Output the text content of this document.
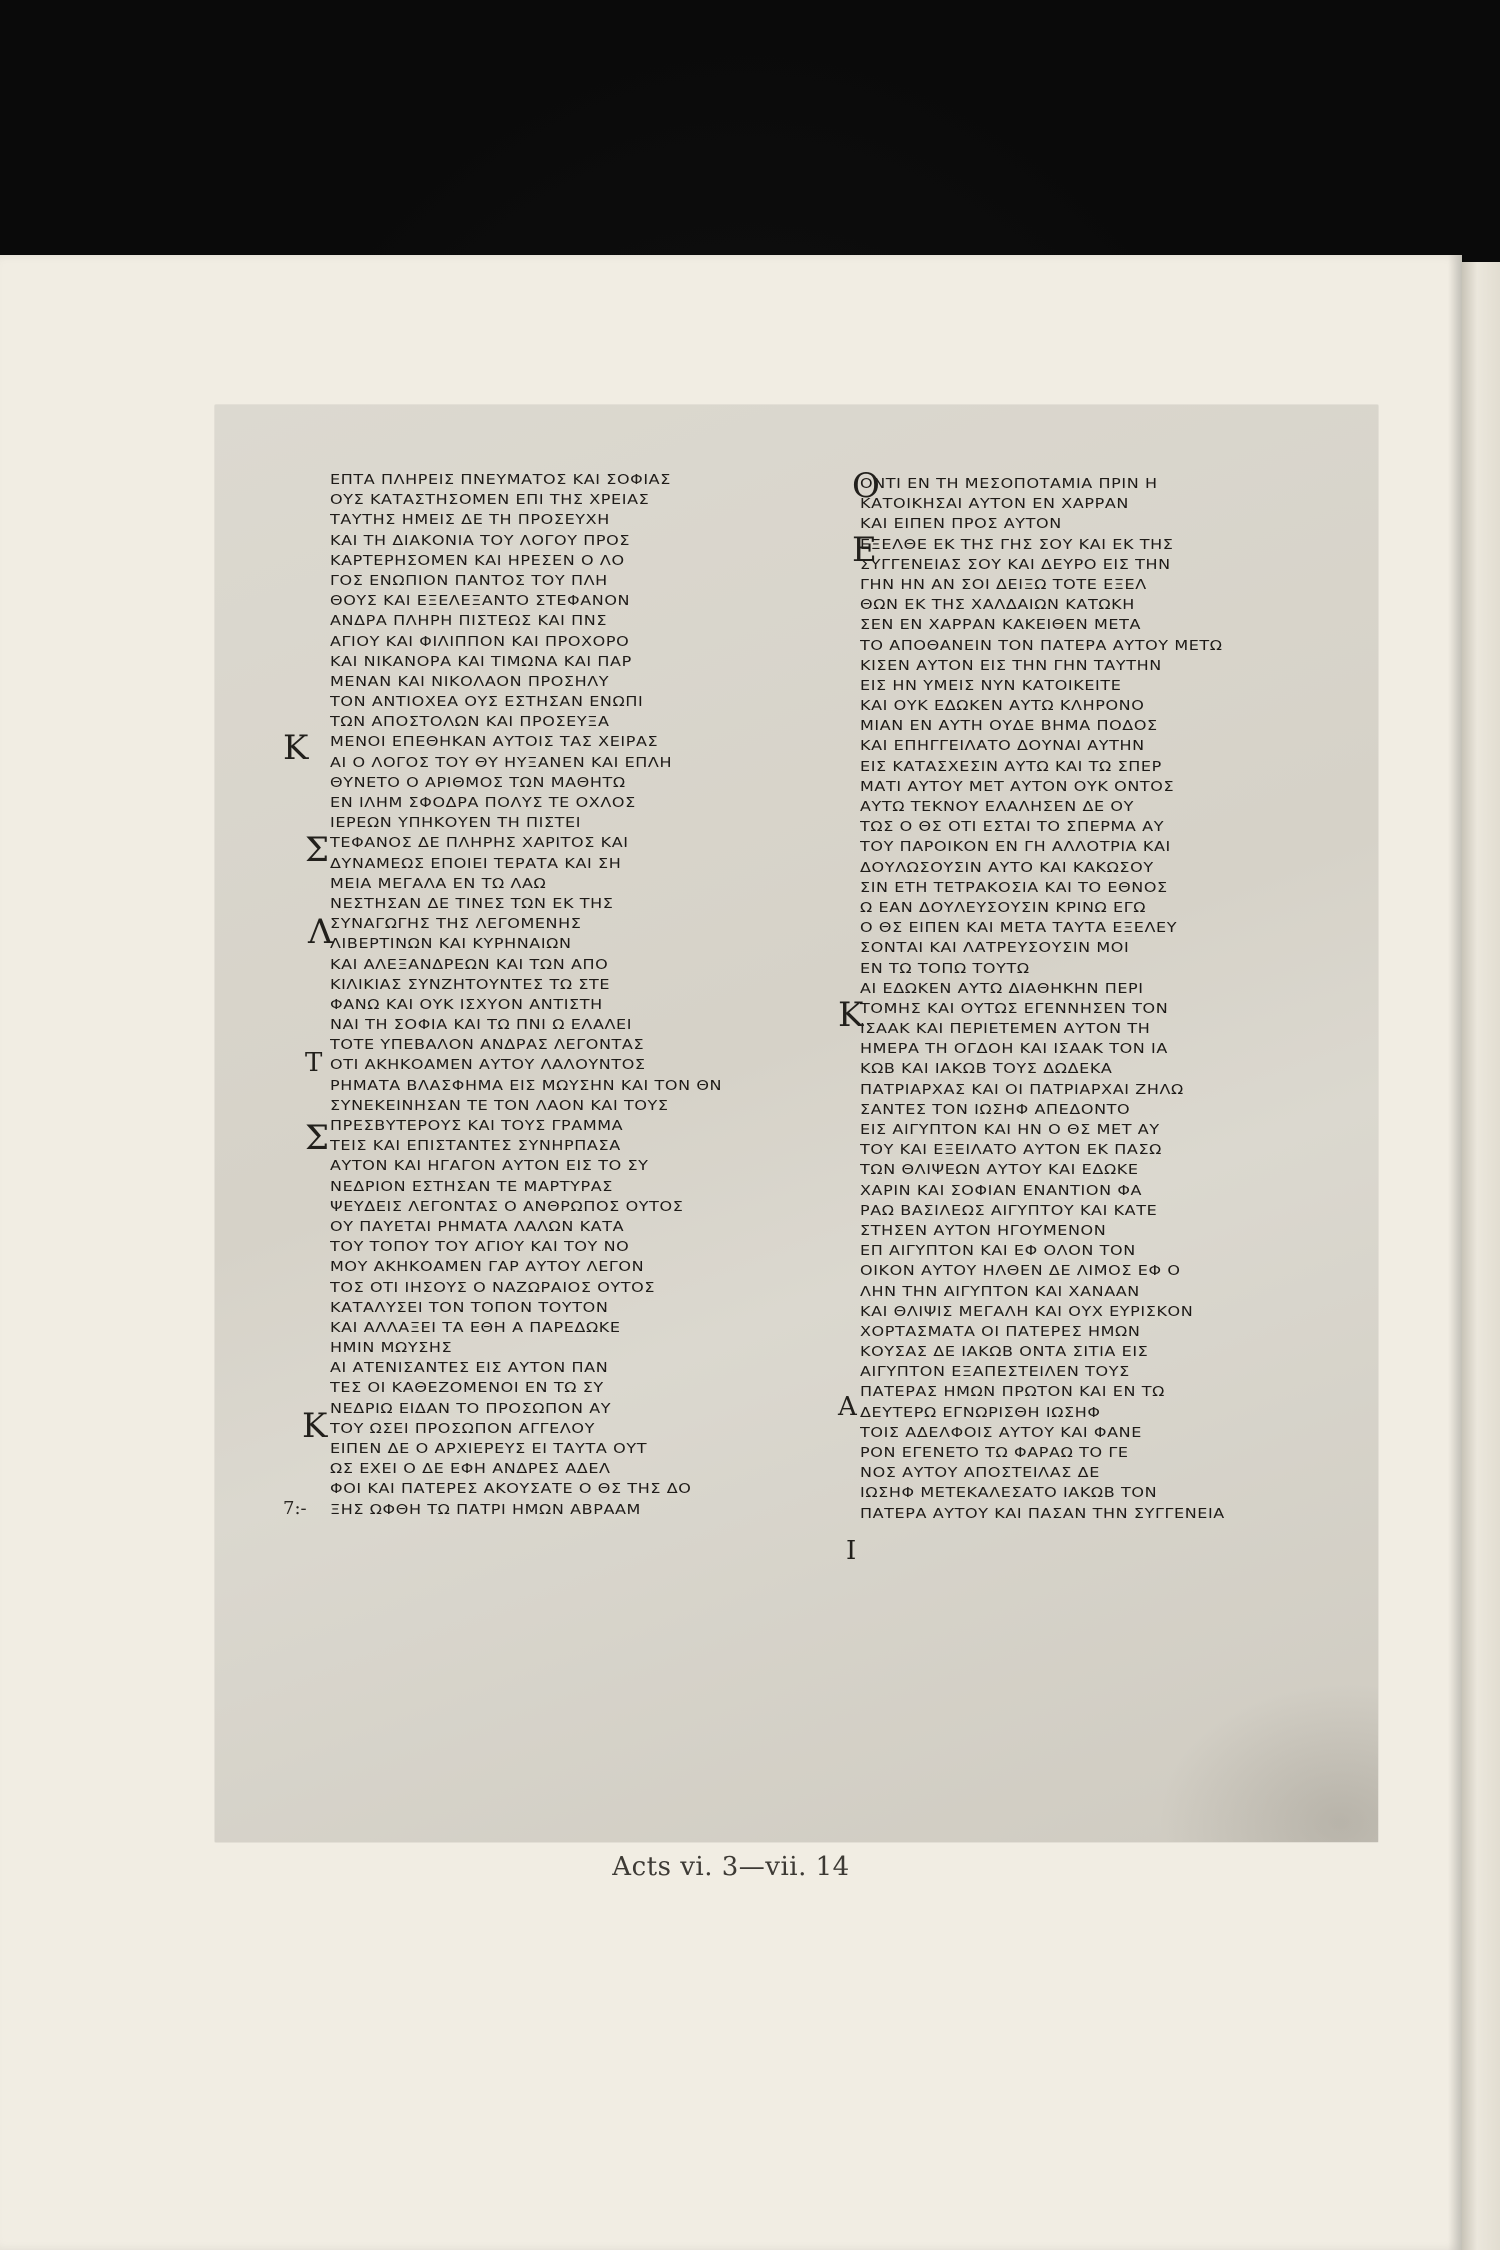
ΕΠΤΑ ΠΛΗΡΕΙΣ ΠΝΕΥΜΑΤΟΣ ΚΑΙ ΣΟΦΙΑΣ
ΟΥΣ ΚΑΤΑΣΤΗΣΟΜΕΝ ΕΠΙ ΤΗΣ ΧΡΕΙΑΣ
ΤΑΥΤΗΣ ΗΜΕΙΣ ΔΕ ΤΗ ΠΡΟΣΕΥΧΗ
ΚΑΙ ΤΗ ΔΙΑΚΟΝΙΑ ΤΟΥ ΛΟΓΟΥ ΠΡΟΣ
ΚΑΡΤΕΡΗΣΟΜΕΝ ΚΑΙ ΗΡΕΣΕΝ Ο ΛΟ
ΓΟΣ ΕΝΩΠΙΟΝ ΠΑΝΤΟΣ ΤΟΥ ΠΛΗ
ΘΟΥΣ ΚΑΙ ΕΞΕΛΕΞΑΝΤΟ ΣΤΕΦΑΝΟΝ
ΑΝΔΡΑ ΠΛΗΡΗ ΠΙΣΤΕΩΣ ΚΑΙ ΠΝΣ
ΑΓΙΟΥ ΚΑΙ ΦΙΛΙΠΠΟΝ ΚΑΙ ΠΡΟΧΟΡΟ
ΚΑΙ ΝΙΚΑΝΟΡΑ ΚΑΙ ΤΙΜΩΝΑ ΚΑΙ ΠΑΡ
ΜΕΝΑΝ ΚΑΙ ΝΙΚΟΛΑΟΝ ΠΡΟΣΗΛΥ
ΤΟΝ ΑΝΤΙΟΧΕΑ ΟΥΣ ΕΣΤΗΣΑΝ ΕΝΩΠΙ
ΤΩΝ ΑΠΟΣΤΟΛΩΝ ΚΑΙ ΠΡΟΣΕΥΞΑ
ΜΕΝΟΙ ΕΠΕΘΗΚΑΝ ΑΥΤΟΙΣ ΤΑΣ ΧΕΙΡΑΣ
ΑΙ Ο ΛΟΓΟΣ ΤΟΥ ΘΥ ΗΥΞΑΝΕΝ ΚΑΙ ΕΠΛΗ
ΘΥΝΕΤΟ Ο ΑΡΙΘΜΟΣ ΤΩΝ ΜΑΘΗΤΩ
ΕΝ ΙΛΗΜ ΣΦΟΔΡΑ ΠΟΛΥΣ ΤΕ ΟΧΛΟΣ
ΙΕΡΕΩΝ ΥΠΗΚΟΥΕΝ ΤΗ ΠΙΣΤΕΙ
ΤΕΦΑΝΟΣ ΔΕ ΠΛΗΡΗΣ ΧΑΡΙΤΟΣ ΚΑΙ
ΔΥΝΑΜΕΩΣ ΕΠΟΙΕΙ ΤΕΡΑΤΑ ΚΑΙ ΣΗ
ΜΕΙΑ ΜΕΓΑΛΑ ΕΝ ΤΩ ΛΑΩ
ΝΕΣΤΗΣΑΝ ΔΕ ΤΙΝΕΣ ΤΩΝ ΕΚ ΤΗΣ
ΣΥΝΑΓΩΓΗΣ ΤΗΣ ΛΕΓΟΜΕΝΗΣ
ΛΙΒΕΡΤΙΝΩΝ ΚΑΙ ΚΥΡΗΝΑΙΩΝ
ΚΑΙ ΑΛΕΞΑΝΔΡΕΩΝ ΚΑΙ ΤΩΝ ΑΠΟ
ΚΙΛΙΚΙΑΣ ΣΥΝΖΗΤΟΥΝΤΕΣ ΤΩ ΣΤΕ
ΦΑΝΩ ΚΑΙ ΟΥΚ ΙΣΧΥΟΝ ΑΝΤΙΣΤΗ
ΝΑΙ ΤΗ ΣΟΦΙΑ ΚΑΙ ΤΩ ΠΝΙ Ω ΕΛΑΛΕΙ
ΤΟΤΕ ΥΠΕΒΑΛΟΝ ΑΝΔΡΑΣ ΛΕΓΟΝΤΑΣ
ΟΤΙ ΑΚΗΚΟΑΜΕΝ ΑΥΤΟΥ ΛΑΛΟΥΝΤΟΣ
ΡΗΜΑΤΑ ΒΛΑΣΦΗΜΑ ΕΙΣ ΜΩΥΣΗΝ ΚΑΙ ΤΟΝ ΘΝ
ΣΥΝΕΚΕΙΝΗΣΑΝ ΤΕ ΤΟΝ ΛΑΟΝ ΚΑΙ ΤΟΥΣ
ΠΡΕΣΒΥΤΕΡΟΥΣ ΚΑΙ ΤΟΥΣ ΓΡΑΜΜΑ
ΤΕΙΣ ΚΑΙ ΕΠΙΣΤΑΝΤΕΣ ΣΥΝΗΡΠΑΣΑ
ΑΥΤΟΝ ΚΑΙ ΗΓΑΓΟΝ ΑΥΤΟΝ ΕΙΣ ΤΟ ΣΥ
ΝΕΔΡΙΟΝ ΕΣΤΗΣΑΝ ΤΕ ΜΑΡΤΥΡΑΣ
ΨΕΥΔΕΙΣ ΛΕΓΟΝΤΑΣ Ο ΑΝΘΡΩΠΟΣ ΟΥΤΟΣ
ΟΥ ΠΑΥΕΤΑΙ ΡΗΜΑΤΑ ΛΑΛΩΝ ΚΑΤΑ
ΤΟΥ ΤΟΠΟΥ ΤΟΥ ΑΓΙΟΥ ΚΑΙ ΤΟΥ ΝΟ
ΜΟΥ ΑΚΗΚΟΑΜΕΝ ΓΑΡ ΑΥΤΟΥ ΛΕΓΟΝ
ΤΟΣ ΟΤΙ ΙΗΣΟΥΣ Ο ΝΑΖΩΡΑΙΟΣ ΟΥΤΟΣ
ΚΑΤΑΛΥΣΕΙ ΤΟΝ ΤΟΠΟΝ ΤΟΥΤΟΝ
ΚΑΙ ΑΛΛΑΞΕΙ ΤΑ ΕΘΗ Α ΠΑΡΕΔΩΚΕ
ΗΜΙΝ ΜΩΥΣΗΣ
ΑΙ ΑΤΕΝΙΣΑΝΤΕΣ ΕΙΣ ΑΥΤΟΝ ΠΑΝ
ΤΕΣ ΟΙ ΚΑΘΕΖΟΜΕΝΟΙ ΕΝ ΤΩ ΣΥ
ΝΕΔΡΙΩ ΕΙΔΑΝ ΤΟ ΠΡΟΣΩΠΟΝ ΑΥ
ΤΟΥ ΩΣΕΙ ΠΡΟΣΩΠΟΝ ΑΓΓΕΛΟΥ
ΕΙΠΕΝ ΔΕ Ο ΑΡΧΙΕΡΕΥΣ ΕΙ ΤΑΥΤΑ ΟΥΤ
ΩΣ ΕΧΕΙ Ο ΔΕ ΕΦΗ ΑΝΔΡΕΣ ΑΔΕΛ
ΦΟΙ ΚΑΙ ΠΑΤΕΡΕΣ ΑΚΟΥΣΑΤΕ Ο ΘΣ ΤΗΣ ΔΟ
ΞΗΣ ΩΦΘΗ ΤΩ ΠΑΤΡΙ ΗΜΩΝ ΑΒΡΑΑΜ
ΟΝΤΙ ΕΝ ΤΗ ΜΕΣΟΠΟΤΑΜΙΑ ΠΡΙΝ Η
ΚΑΤΟΙΚΗΣΑΙ ΑΥΤΟΝ ΕΝ ΧΑΡΡΑΝ
ΚΑΙ ΕΙΠΕΝ ΠΡΟΣ ΑΥΤΟΝ
ΕΞΕΛΘΕ ΕΚ ΤΗΣ ΓΗΣ ΣΟΥ ΚΑΙ ΕΚ ΤΗΣ
ΣΥΓΓΕΝΕΙΑΣ ΣΟΥ ΚΑΙ ΔΕΥΡΟ ΕΙΣ ΤΗΝ
ΓΗΝ ΗΝ ΑΝ ΣΟΙ ΔΕΙΞΩ ΤΟΤΕ ΕΞΕΛ
ΘΩΝ ΕΚ ΤΗΣ ΧΑΛΔΑΙΩΝ ΚΑΤΩΚΗ
ΣΕΝ ΕΝ ΧΑΡΡΑΝ ΚΑΚΕΙΘΕΝ ΜΕΤΑ
ΤΟ ΑΠΟΘΑΝΕΙΝ ΤΟΝ ΠΑΤΕΡΑ ΑΥΤΟΥ ΜΕΤΩ
ΚΙΣΕΝ ΑΥΤΟΝ ΕΙΣ ΤΗΝ ΓΗΝ ΤΑΥΤΗΝ
ΕΙΣ ΗΝ ΥΜΕΙΣ ΝΥΝ ΚΑΤΟΙΚΕΙΤΕ
ΚΑΙ ΟΥΚ ΕΔΩΚΕΝ ΑΥΤΩ ΚΛΗΡΟΝΟ
ΜΙΑΝ ΕΝ ΑΥΤΗ ΟΥΔΕ ΒΗΜΑ ΠΟΔΟΣ
ΚΑΙ ΕΠΗΓΓΕΙΛΑΤΟ ΔΟΥΝΑΙ ΑΥΤΗΝ
ΕΙΣ ΚΑΤΑΣΧΕΣΙΝ ΑΥΤΩ ΚΑΙ ΤΩ ΣΠΕΡ
ΜΑΤΙ ΑΥΤΟΥ ΜΕΤ ΑΥΤΟΝ ΟΥΚ ΟΝΤΟΣ
ΑΥΤΩ ΤΕΚΝΟΥ ΕΛΑΛΗΣΕΝ ΔΕ ΟΥ
ΤΩΣ Ο ΘΣ ΟΤΙ ΕΣΤΑΙ ΤΟ ΣΠΕΡΜΑ ΑΥ
ΤΟΥ ΠΑΡΟΙΚΟΝ ΕΝ ΓΗ ΑΛΛΟΤΡΙΑ ΚΑΙ
ΔΟΥΛΩΣΟΥΣΙΝ ΑΥΤΟ ΚΑΙ ΚΑΚΩΣΟΥ
ΣΙΝ ΕΤΗ ΤΕΤΡΑΚΟΣΙΑ ΚΑΙ ΤΟ ΕΘΝΟΣ
Ω ΕΑΝ ΔΟΥΛΕΥΣΟΥΣΙΝ ΚΡΙΝΩ ΕΓΩ
Ο ΘΣ ΕΙΠΕΝ ΚΑΙ ΜΕΤΑ ΤΑΥΤΑ ΕΞΕΛΕΥ
ΣΟΝΤΑΙ ΚΑΙ ΛΑΤΡΕΥΣΟΥΣΙΝ ΜΟΙ
ΕΝ ΤΩ ΤΟΠΩ ΤΟΥΤΩ
ΑΙ ΕΔΩΚΕΝ ΑΥΤΩ ΔΙΑΘΗΚΗΝ ΠΕΡΙ
ΤΟΜΗΣ ΚΑΙ ΟΥΤΩΣ ΕΓΕΝΝΗΣΕΝ ΤΟΝ
ΙΣΑΑΚ ΚΑΙ ΠΕΡΙΕΤΕΜΕΝ ΑΥΤΟΝ ΤΗ
ΗΜΕΡΑ ΤΗ ΟΓΔΟΗ ΚΑΙ ΙΣΑΑΚ ΤΟΝ ΙΑ
ΚΩΒ ΚΑΙ ΙΑΚΩΒ ΤΟΥΣ ΔΩΔΕΚΑ
ΠΑΤΡΙΑΡΧΑΣ ΚΑΙ ΟΙ ΠΑΤΡΙΑΡΧΑΙ ΖΗΛΩ
ΣΑΝΤΕΣ ΤΟΝ ΙΩΣΗΦ ΑΠΕΔΟΝΤΟ
ΕΙΣ ΑΙΓΥΠΤΟΝ ΚΑΙ ΗΝ Ο ΘΣ ΜΕΤ ΑΥ
ΤΟΥ ΚΑΙ ΕΞΕΙΛΑΤΟ ΑΥΤΟΝ ΕΚ ΠΑΣΩ
ΤΩΝ ΘΛΙΨΕΩΝ ΑΥΤΟΥ ΚΑΙ ΕΔΩΚΕ
ΧΑΡΙΝ ΚΑΙ ΣΟΦΙΑΝ ΕΝΑΝΤΙΟΝ ΦΑ
ΡΑΩ ΒΑΣΙΛΕΩΣ ΑΙΓΥΠΤΟΥ ΚΑΙ ΚΑΤΕ
ΣΤΗΣΕΝ ΑΥΤΟΝ ΗΓΟΥΜΕΝΟΝ
ΕΠ ΑΙΓΥΠΤΟΝ ΚΑΙ ΕΦ ΟΛΟΝ ΤΟΝ
ΟΙΚΟΝ ΑΥΤΟΥ ΗΛΘΕΝ ΔΕ ΛΙΜΟΣ ΕΦ Ο
ΛΗΝ ΤΗΝ ΑΙΓΥΠΤΟΝ ΚΑΙ ΧΑΝΑΑΝ
ΚΑΙ ΘΛΙΨΙΣ ΜΕΓΑΛΗ ΚΑΙ ΟΥΧ ΕΥΡΙΣΚΟΝ
ΧΟΡΤΑΣΜΑΤΑ ΟΙ ΠΑΤΕΡΕΣ ΗΜΩΝ
ΚΟΥΣΑΣ ΔΕ ΙΑΚΩΒ ΟΝΤΑ ΣΙΤΙΑ ΕΙΣ
ΑΙΓΥΠΤΟΝ ΕΞΑΠΕΣΤΕΙΛΕΝ ΤΟΥΣ
ΠΑΤΕΡΑΣ ΗΜΩΝ ΠΡΩΤΟΝ ΚΑΙ ΕΝ ΤΩ
ΔΕΥΤΕΡΩ ΕΓΝΩΡΙΣΘΗ ΙΩΣΗΦ
ΤΟΙΣ ΑΔΕΛΦΟΙΣ ΑΥΤΟΥ ΚΑΙ ΦΑΝΕ
ΡΟΝ ΕΓΕΝΕΤΟ ΤΩ ΦΑΡΑΩ ΤΟ ΓΕ
ΝΟΣ ΑΥΤΟΥ ΑΠΟΣΤΕΙΛΑΣ ΔΕ
ΙΩΣΗΦ ΜΕΤΕΚΑΛΕΣΑΤΟ ΙΑΚΩΒ ΤΟΝ
ΠΑΤΕΡΑ ΑΥΤΟΥ ΚΑΙ ΠΑΣΑΝ ΤΗΝ ΣΥΓΓΕΝΕΙΑ
Κ
Σ
Λ
Τ
Σ
Κ
Ο
Ε
Κ
Α
Ι
7:-
Acts vi. 3—vii. 14
